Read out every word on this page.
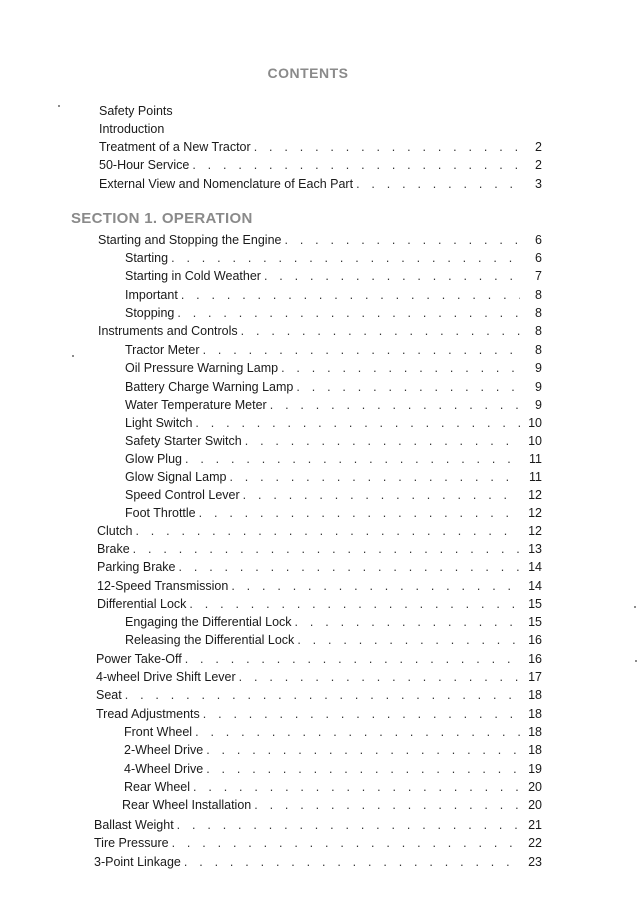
CONTENTS
Safety Points
Introduction
Treatment of a New Tractor . . .	2
50-Hour Service . . .	2
External View and Nomenclature of Each Part . . .	3
SECTION 1. OPERATION
Starting and Stopping the Engine . . .	6
Starting . . .	6
Starting in Cold Weather . . .	7
Important . . .	8
Stopping . . .	8
Instruments and Controls . . .	8
Tractor Meter . . .	8
Oil Pressure Warning Lamp . . .	9
Battery Charge Warning Lamp . . .	9
Water Temperature Meter . . .	9
Light Switch . . .	10
Safety Starter Switch . . .	10
Glow Plug . . .	11
Glow Signal Lamp . . .	11
Speed Control Lever . . .	12
Foot Throttle . . .	12
Clutch . . .	12
Brake . . .	13
Parking Brake . . .	14
12-Speed Transmission . . .	14
Differential Lock . . .	15
Engaging the Differential Lock . . .	15
Releasing the Differential Lock . . .	16
Power Take-Off . . .	16
4-wheel Drive Shift Lever . . .	17
Seat . . .	18
Tread Adjustments . . .	18
Front Wheel . . .	18
2-Wheel Drive . . .	18
4-Wheel Drive . . .	19
Rear Wheel . . .	20
Rear Wheel Installation . . .	20
Ballast Weight . . .	21
Tire Pressure . . .	22
3-Point Linkage . . .	23
